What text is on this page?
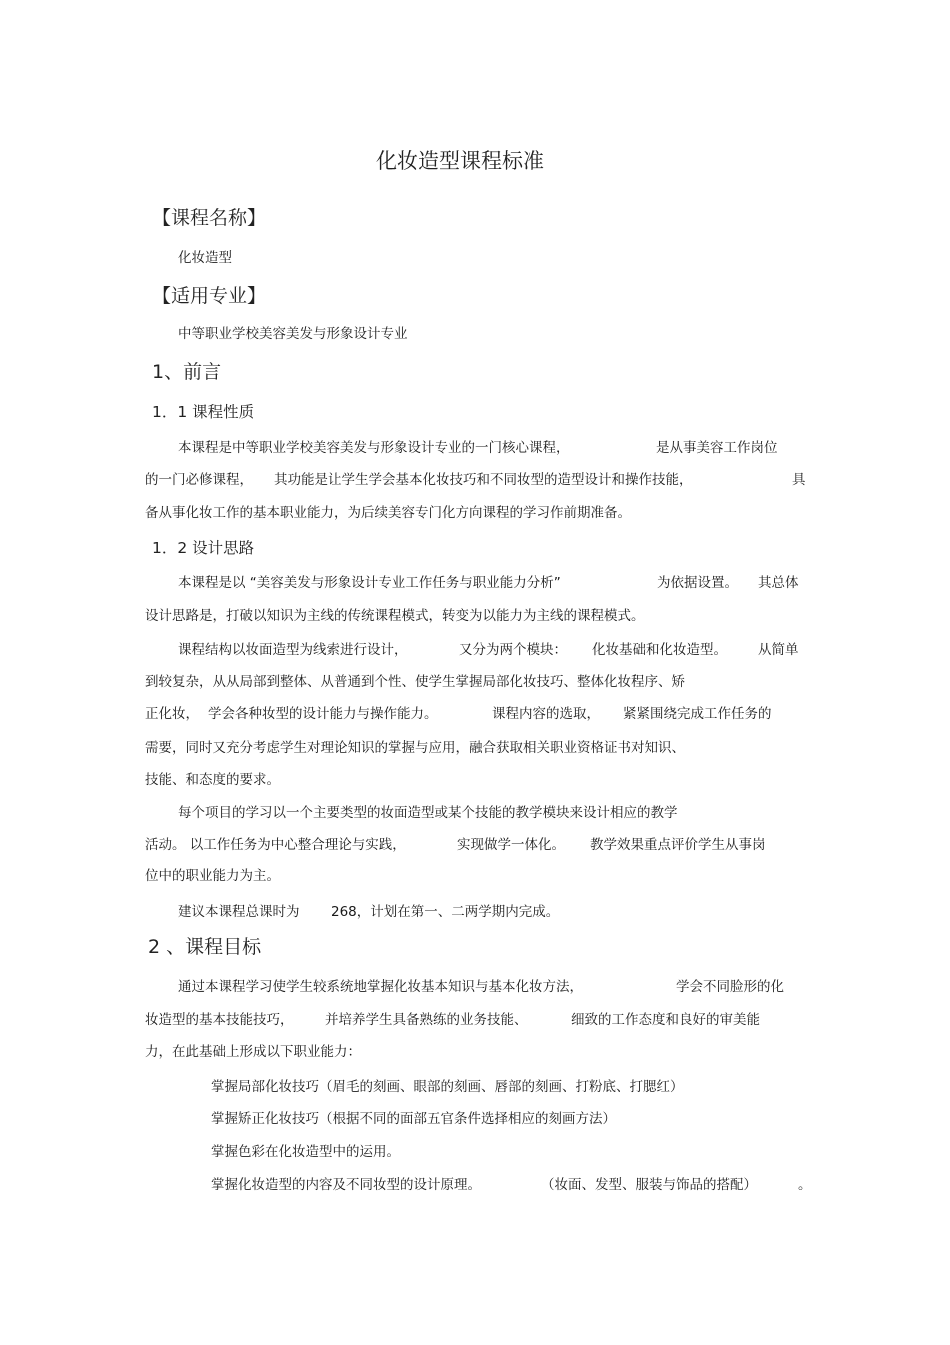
化妆造型课程标准
【课程名称】
化妆造型
【适用专业】
中等职业学校美容美发与形象设计专业
1、前言
1．1 课程性质
本课程是中等职业学校美容美发与形象设计专业的一门核心课程，	是从事美容工作岗位
的一门必修课程， 其功能是让学生学会基本化妆技巧和不同妆型的造型设计和操作技能，	具
备从事化妆工作的基本职业能力，为后续美容专门化方向课程的学习作前期准备。
1．2 设计思路
本课程是以 “美容美发与形象设计专业工作任务与职业能力分析”	为依据设置。 其总体
设计思路是，打破以知识为主线的传统课程模式，转变为以能力为主线的课程模式。
课程结构以妆面造型为线索进行设计，	又分为两个模块： 化妆基础和化妆造型。 从简单
到较复杂，从从局部到整体、从普通到个性、使学生掌握局部化妆技巧、整体化妆程序、矫
正化妆， 学会各种妆型的设计能力与操作能力。	课程内容的选取， 紧紧围绕完成工作任务的
需要，同时又充分考虑学生对理论知识的掌握与应用，融合获取相关职业资格证书对知识、
技能、和态度的要求。
每个项目的学习以一个主要类型的妆面造型或某个技能的教学模块来设计相应的教学
活动。 以工作任务为中心整合理论与实践，	实现做学一体化。 教学效果重点评价学生从事岗
位中的职业能力为主。
建议本课程总课时为 268，计划在第一、二两学期内完成。
2 、课程目标
通过本课程学习使学生较系统地掌握化妆基本知识与基本化妆方法，	学会不同脸形的化
妆造型的基本技能技巧， 并培养学生具备熟练的业务技能、	细致的工作态度和良好的审美能
力，在此基础上形成以下职业能力：
掌握局部化妆技巧（眉毛的刻画、眼部的刻画、唇部的刻画、打粉底、打腮红）
掌握矫正化妆技巧（根据不同的面部五官条件选择相应的刻画方法）
掌握色彩在化妆造型中的运用。
掌握化妆造型的内容及不同妆型的设计原理。	（妆面、发型、服装与饰品的搭配）	。
